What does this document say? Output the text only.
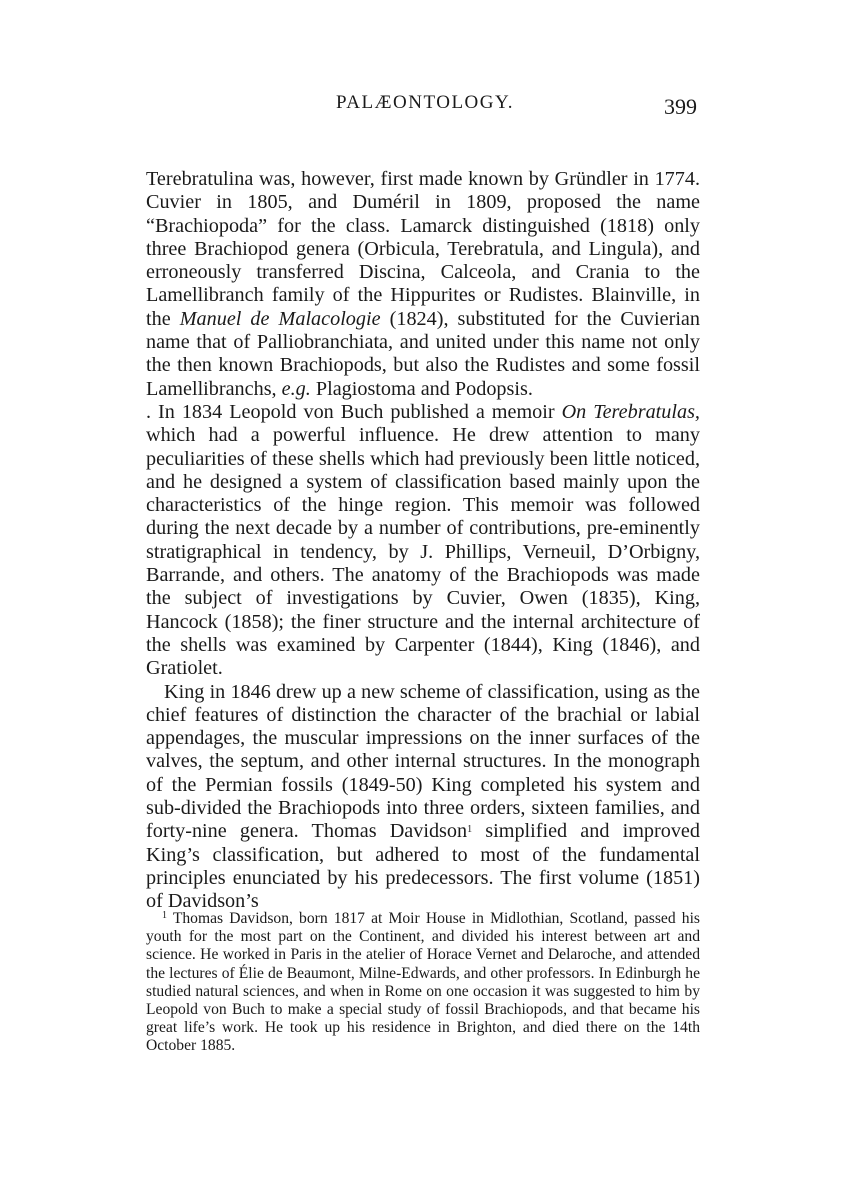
PALÆONTOLOGY.	399

Terebratulina was, however, first made known by Gründler in 1774. Cuvier in 1805, and Duméril in 1809, proposed the name “Brachiopoda” for the class. Lamarck distinguished (1818) only three Brachiopod genera (Orbicula, Terebratula, and Lingula), and erroneously transferred Discina, Calceola, and Crania to the Lamellibranch family of the Hippurites or Rudistes. Blainville, in the Manuel de Malacologie (1824), substituted for the Cuvierian name that of Palliobranchiata, and united under this name not only the then known Brachiopods, but also the Rudistes and some fossil Lamellibranchs, e.g. Plagiostoma and Podopsis.

. In 1834 Leopold von Buch published a memoir On Terebratulas, which had a powerful influence. He drew attention to many peculiarities of these shells which had previously been little noticed, and he designed a system of classification based mainly upon the characteristics of the hinge region. This memoir was followed during the next decade by a number of contributions, pre-eminently stratigraphical in tendency, by J. Phillips, Verneuil, D’Orbigny, Barrande, and others. The anatomy of the Brachiopods was made the subject of investigations by Cuvier, Owen (1835), King, Hancock (1858); the finer structure and the internal architecture of the shells was examined by Carpenter (1844), King (1846), and Gratiolet.

King in 1846 drew up a new scheme of classification, using as the chief features of distinction the character of the brachial or labial appendages, the muscular impressions on the inner surfaces of the valves, the septum, and other internal structures. In the monograph of the Permian fossils (1849-50) King completed his system and sub-divided the Brachiopods into three orders, sixteen families, and forty-nine genera. Thomas Davidson$^1$ simplified and improved King’s classification, but adhered to most of the fundamental principles enunciated by his predecessors. The first volume (1851) of Davidson’s

$^1$ Thomas Davidson, born 1817 at Moir House in Midlothian, Scotland, passed his youth for the most part on the Continent, and divided his interest between art and science. He worked in Paris in the atelier of Horace Vernet and Delaroche, and attended the lectures of Élie de Beaumont, Milne-Edwards, and other professors. In Edinburgh he studied natural sciences, and when in Rome on one occasion it was suggested to him by Leopold von Buch to make a special study of fossil Brachiopods, and that became his great life’s work. He took up his residence in Brighton, and died there on the 14th October 1885.
